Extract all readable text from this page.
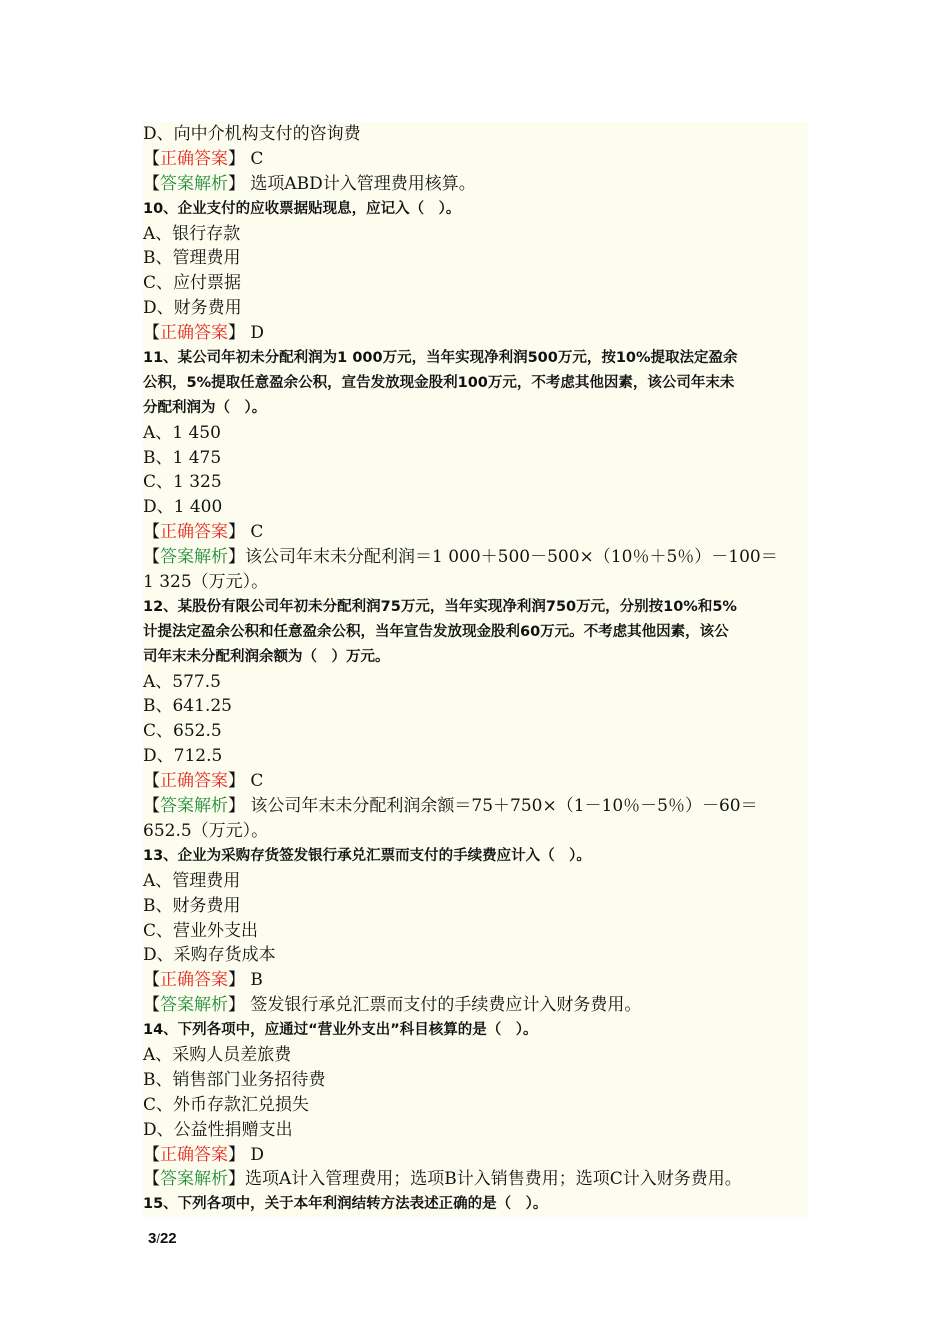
D、向中介机构支付的咨询费
【正确答案】 C
【答案解析】 选项ABD计入管理费用核算。
10、企业支付的应收票据贴现息，应记入（　）。
A、银行存款
B、管理费用
C、应付票据
D、财务费用
【正确答案】 D
11、某公司年初未分配利润为1 000万元，当年实现净利润500万元，按10%提取法定盈余
公积，5%提取任意盈余公积，宣告发放现金股利100万元，不考虑其他因素，该公司年末未
分配利润为（　）。
A、1 450
B、1 475
C、1 325
D、1 400
【正确答案】 C
【答案解析】该公司年末未分配利润＝1 000＋500－500×（10％＋5％）－100＝
1 325（万元）。
12、某股份有限公司年初未分配利润75万元，当年实现净利润750万元，分别按10%和5%
计提法定盈余公积和任意盈余公积，当年宣告发放现金股利60万元。不考虑其他因素，该公
司年末未分配利润余额为（　）万元。
A、577.5
B、641.25
C、652.5
D、712.5
【正确答案】 C
【答案解析】 该公司年末未分配利润余额＝75＋750×（1－10％－5％）－60＝
652.5（万元）。
13、企业为采购存货签发银行承兑汇票而支付的手续费应计入（　）。
A、管理费用
B、财务费用
C、营业外支出
D、采购存货成本
【正确答案】 B
【答案解析】 签发银行承兑汇票而支付的手续费应计入财务费用。
14、下列各项中，应通过“营业外支出”科目核算的是（　）。
A、采购人员差旅费
B、销售部门业务招待费
C、外币存款汇兑损失
D、公益性捐赠支出
【正确答案】 D
【答案解析】选项A计入管理费用；选项B计入销售费用；选项C计入财务费用。
15、下列各项中，关于本年利润结转方法表述正确的是（　）。
3/22
